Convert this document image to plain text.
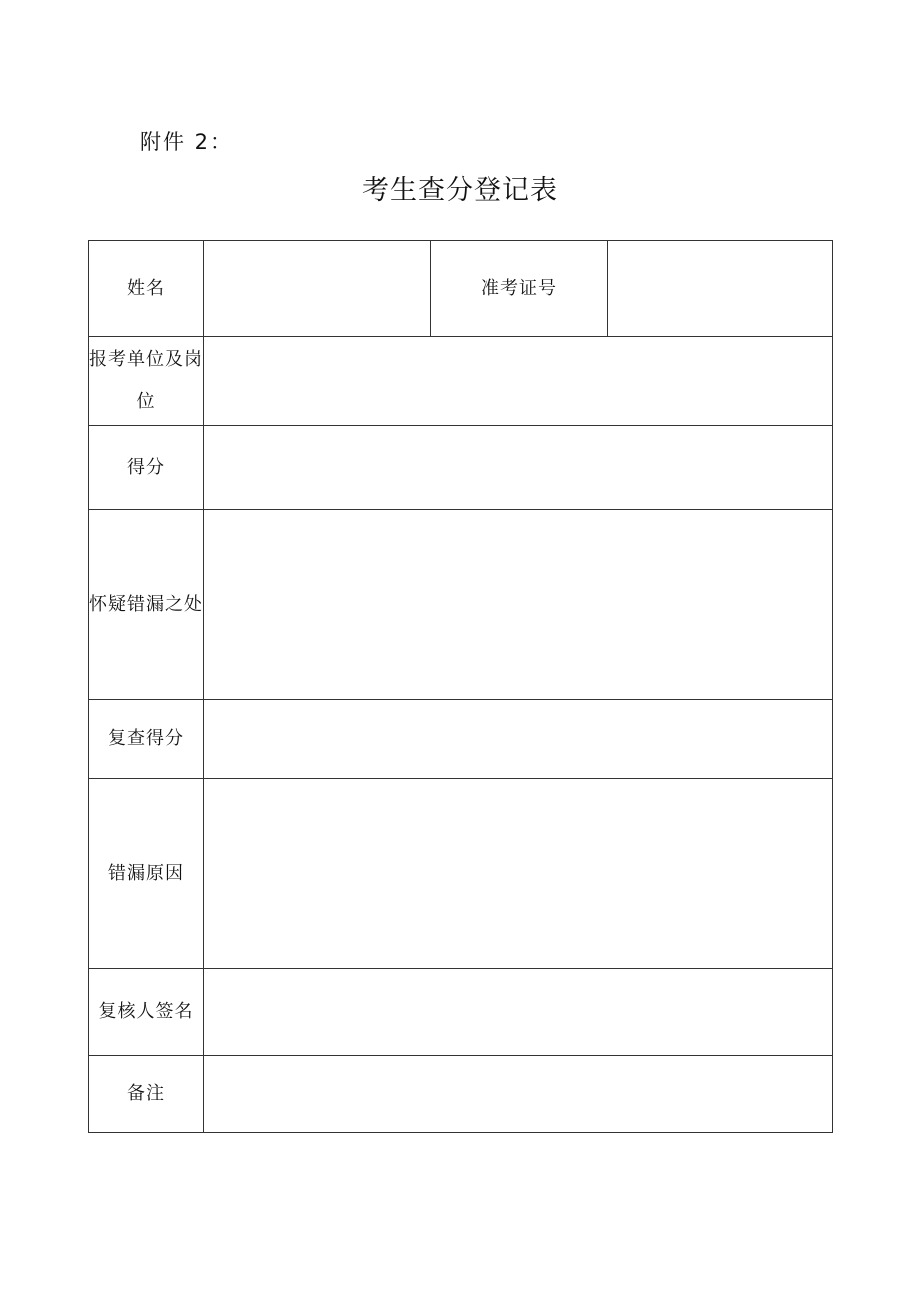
附件 2：
考生查分登记表
姓名		准考证号	
报考单位及岗位			
得分			
怀疑错漏之处			
复查得分			
错漏原因			
复核人签名			
备注			
